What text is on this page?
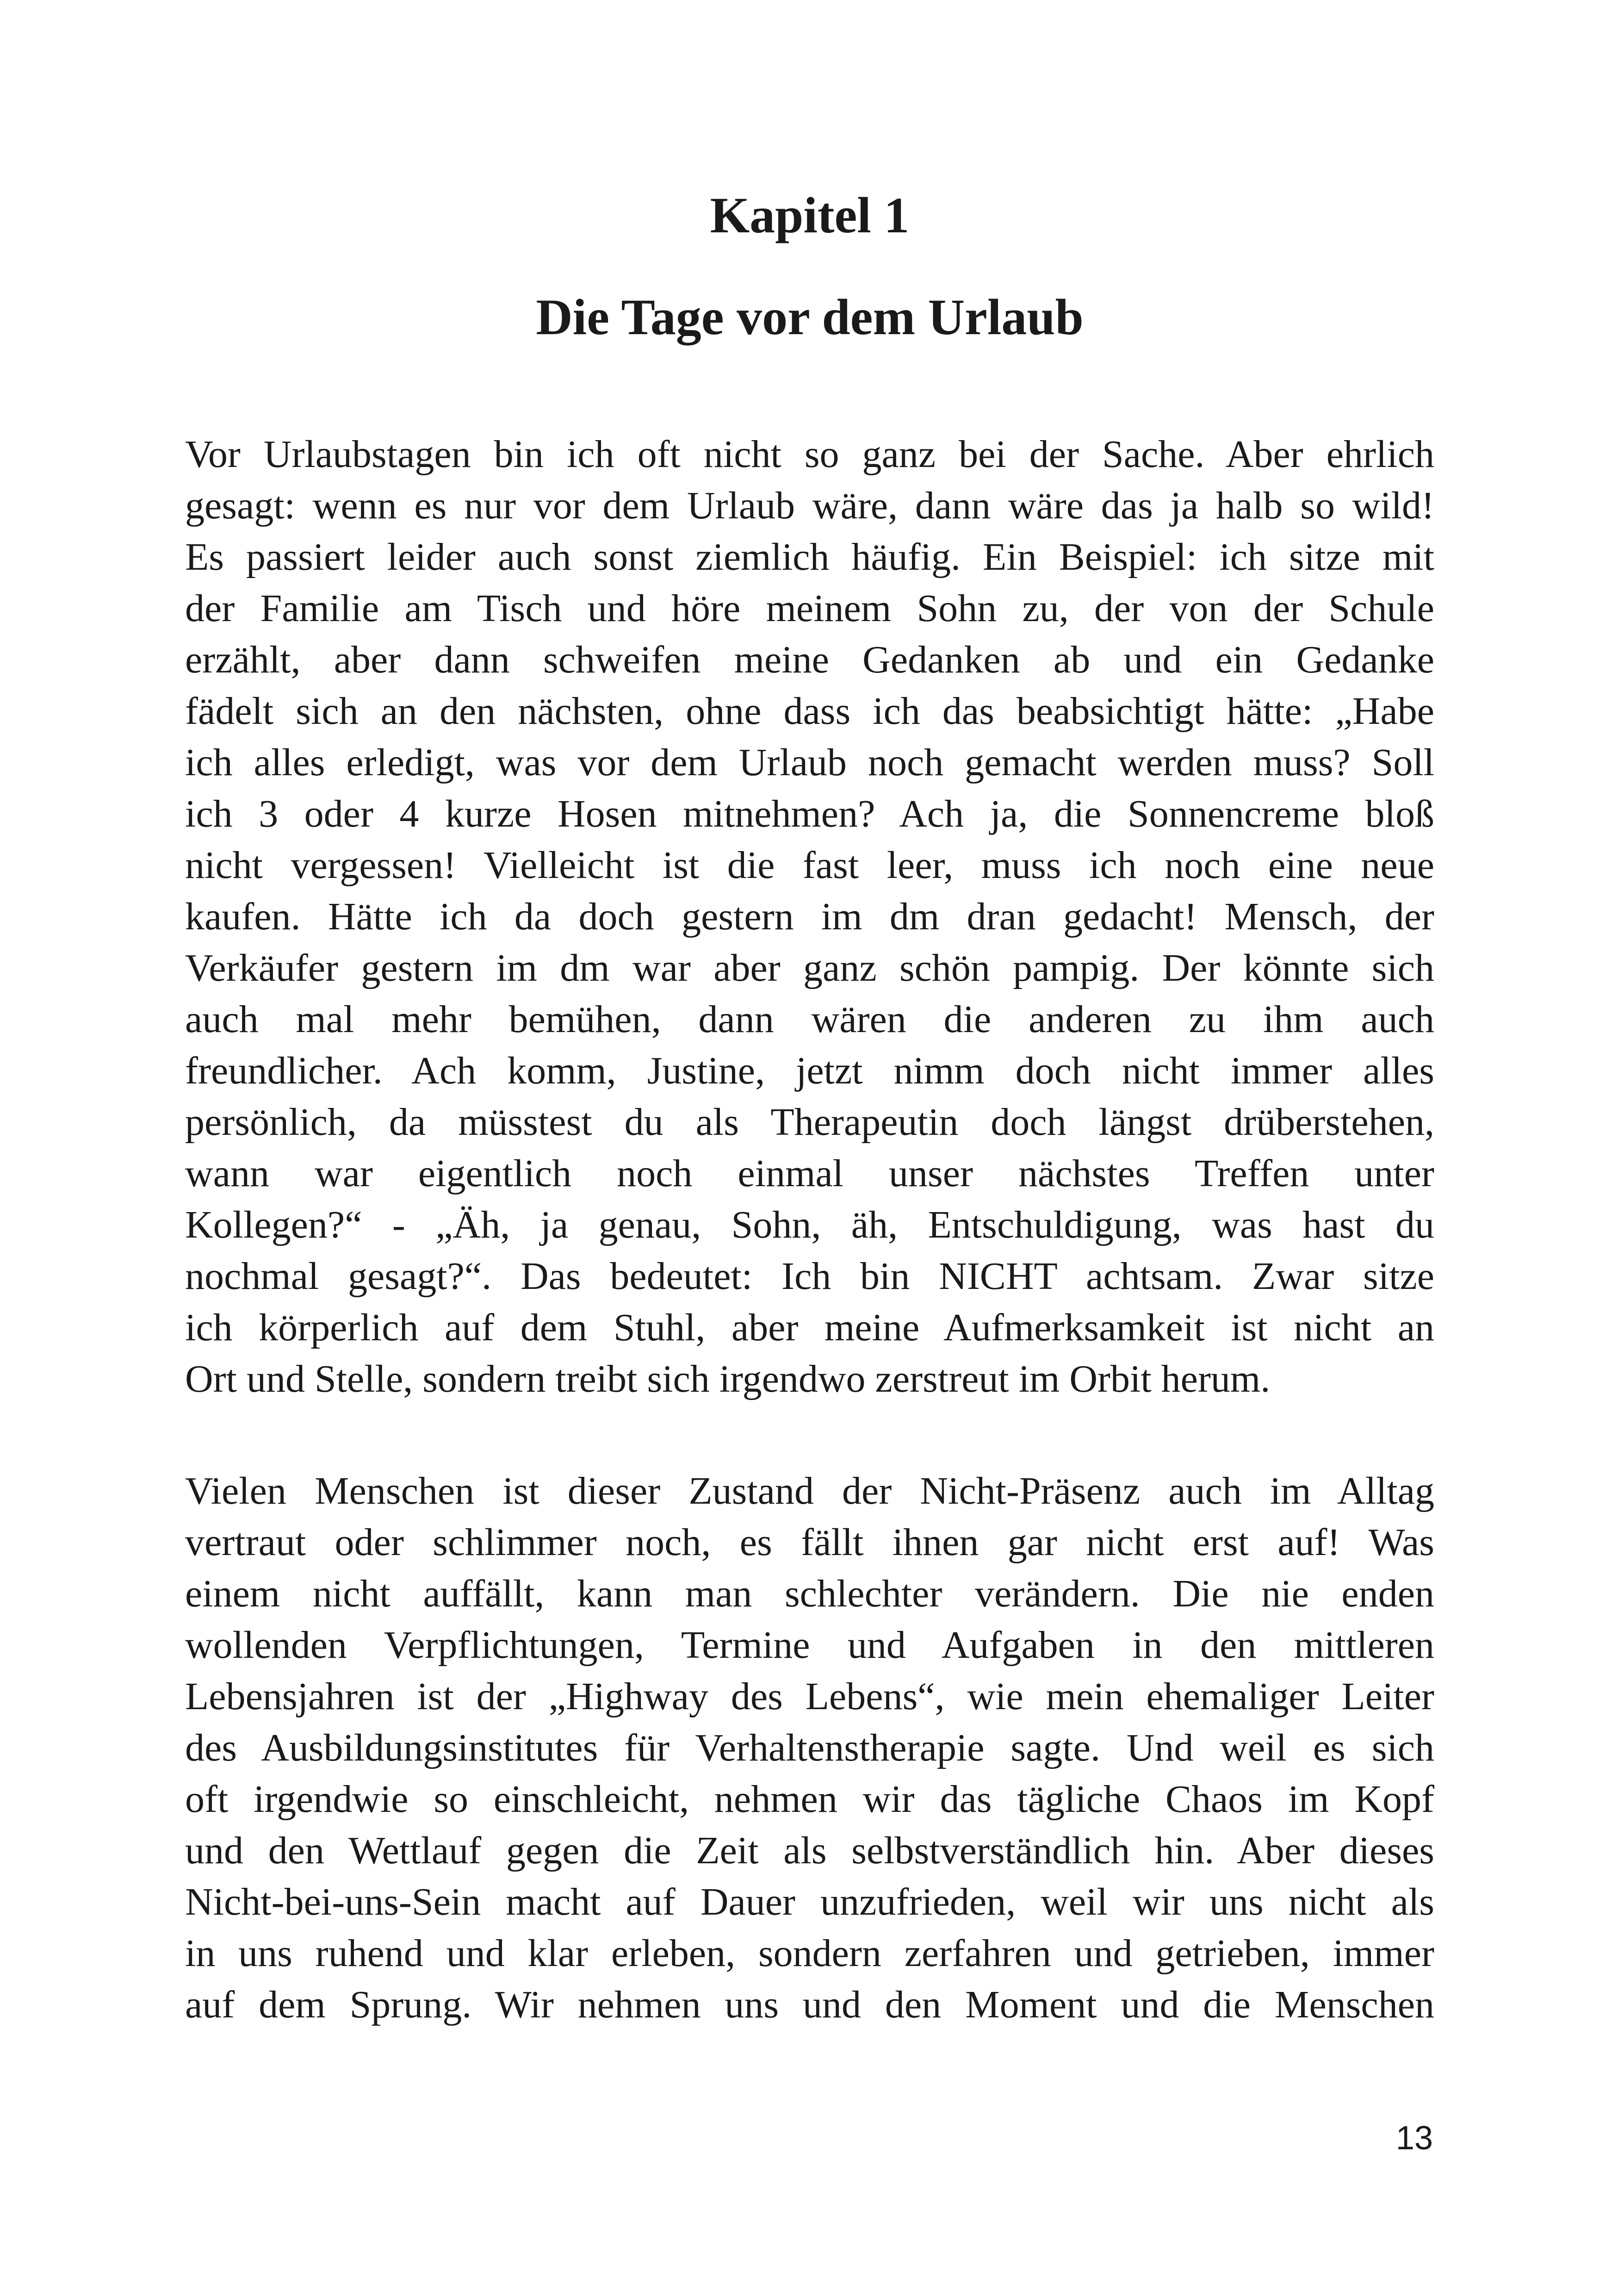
Kapitel 1
Die Tage vor dem Urlaub
Vor Urlaubstagen bin ich oft nicht so ganz bei der Sache. Aber ehrlich
gesagt: wenn es nur vor dem Urlaub wäre, dann wäre das ja halb so wild!
Es passiert leider auch sonst ziemlich häufig. Ein Beispiel: ich sitze mit
der Familie am Tisch und höre meinem Sohn zu, der von der Schule
erzählt, aber dann schweifen meine Gedanken ab und ein Gedanke
fädelt sich an den nächsten, ohne dass ich das beabsichtigt hätte: „Habe
ich alles erledigt, was vor dem Urlaub noch gemacht werden muss? Soll
ich 3 oder 4 kurze Hosen mitnehmen? Ach ja, die Sonnencreme bloß
nicht vergessen! Vielleicht ist die fast leer, muss ich noch eine neue
kaufen. Hätte ich da doch gestern im dm dran gedacht! Mensch, der
Verkäufer gestern im dm war aber ganz schön pampig. Der könnte sich
auch mal mehr bemühen, dann wären die anderen zu ihm auch
freundlicher. Ach komm, Justine, jetzt nimm doch nicht immer alles
persönlich, da müsstest du als Therapeutin doch längst drüberstehen,
wann war eigentlich noch einmal unser nächstes Treffen unter
Kollegen?“ - „Äh, ja genau, Sohn, äh, Entschuldigung, was hast du
nochmal gesagt?“. Das bedeutet: Ich bin NICHT achtsam. Zwar sitze
ich körperlich auf dem Stuhl, aber meine Aufmerksamkeit ist nicht an
Ort und Stelle, sondern treibt sich irgendwo zerstreut im Orbit herum.
Vielen Menschen ist dieser Zustand der Nicht-Präsenz auch im Alltag
vertraut oder schlimmer noch, es fällt ihnen gar nicht erst auf! Was
einem nicht auffällt, kann man schlechter verändern. Die nie enden
wollenden Verpflichtungen, Termine und Aufgaben in den mittleren
Lebensjahren ist der „Highway des Lebens“, wie mein ehemaliger Leiter
des Ausbildungsinstitutes für Verhaltenstherapie sagte. Und weil es sich
oft irgendwie so einschleicht, nehmen wir das tägliche Chaos im Kopf
und den Wettlauf gegen die Zeit als selbstverständlich hin. Aber dieses
Nicht-bei-uns-Sein macht auf Dauer unzufrieden, weil wir uns nicht als
in uns ruhend und klar erleben, sondern zerfahren und getrieben, immer
auf dem Sprung. Wir nehmen uns und den Moment und die Menschen

13
